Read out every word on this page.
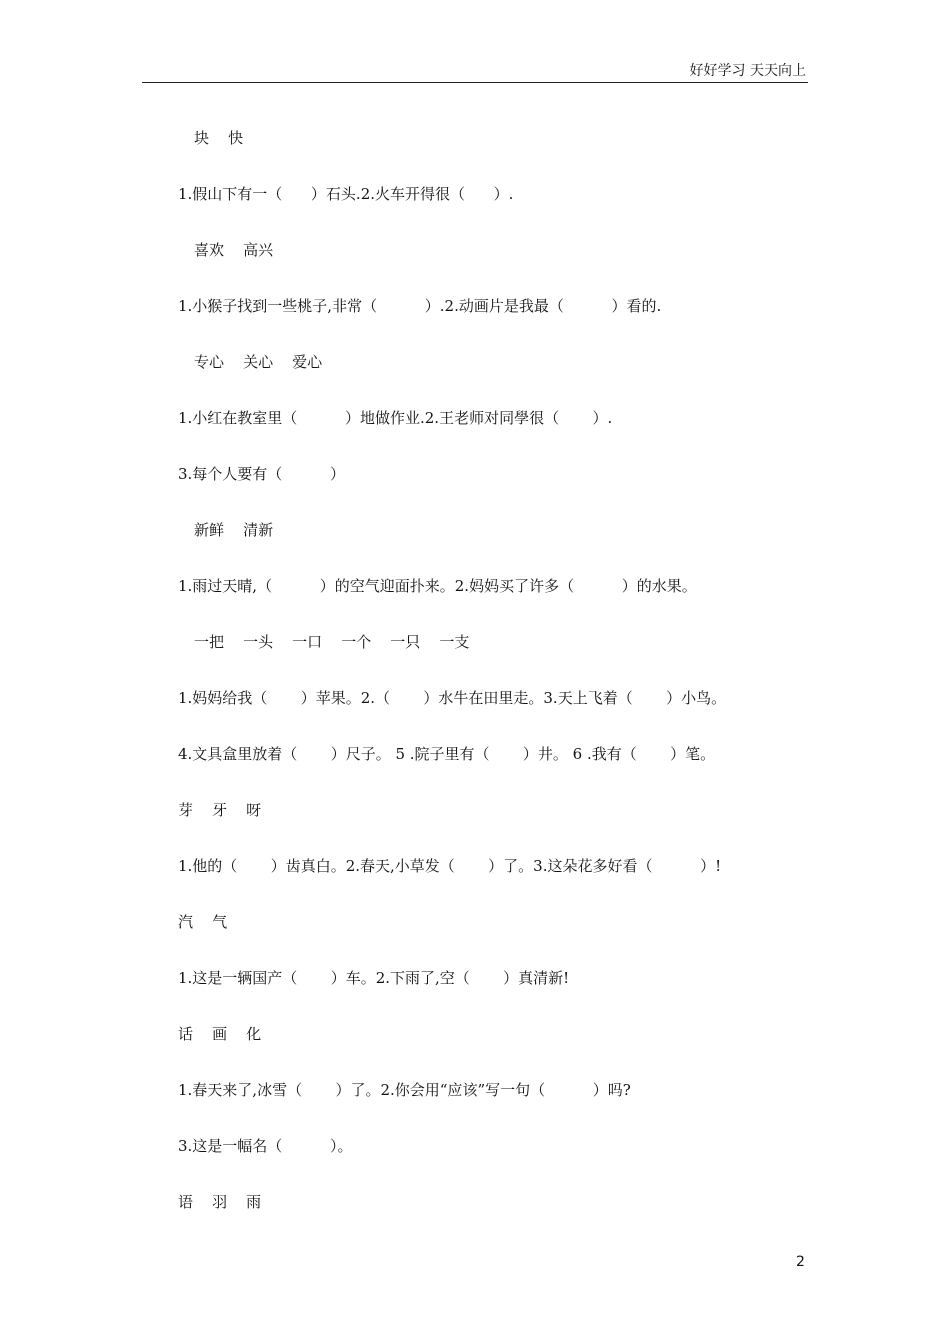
好好学习 天天向上
块    快
1.假山下有一（      ）石头.2.火车开得很（      ）.
喜欢    高兴
1.小猴子找到一些桃子,非常（          ）.2.动画片是我最（          ）看的.
专心    关心    爱心
1.小红在教室里（          ）地做作业.2.王老师对同學很（       ）.
3.每个人要有（          ）
新鲜    清新
1.雨过天晴,（          ）的空气迎面扑来。2.妈妈买了许多（          ）的水果。
一把    一头    一口    一个    一只    一支
1.妈妈给我（       ）苹果。2.（       ）水牛在田里走。3.天上飞着（       ）小鸟。
4.文具盒里放着（       ）尺子。 5 .院子里有（       ）井。 6 .我有（       ）笔。
芽    牙    呀
1.他的（       ）齿真白。2.春天,小草发（       ）了。3.这朵花多好看（          ）!
汽    气
1.这是一辆国产（       ）车。2.下雨了,空（       ）真清新!
话    画    化
1.春天来了,冰雪（       ）了。2.你会用“应该”写一句（          ）吗?
3.这是一幅名（          ）。
语    羽    雨
2
